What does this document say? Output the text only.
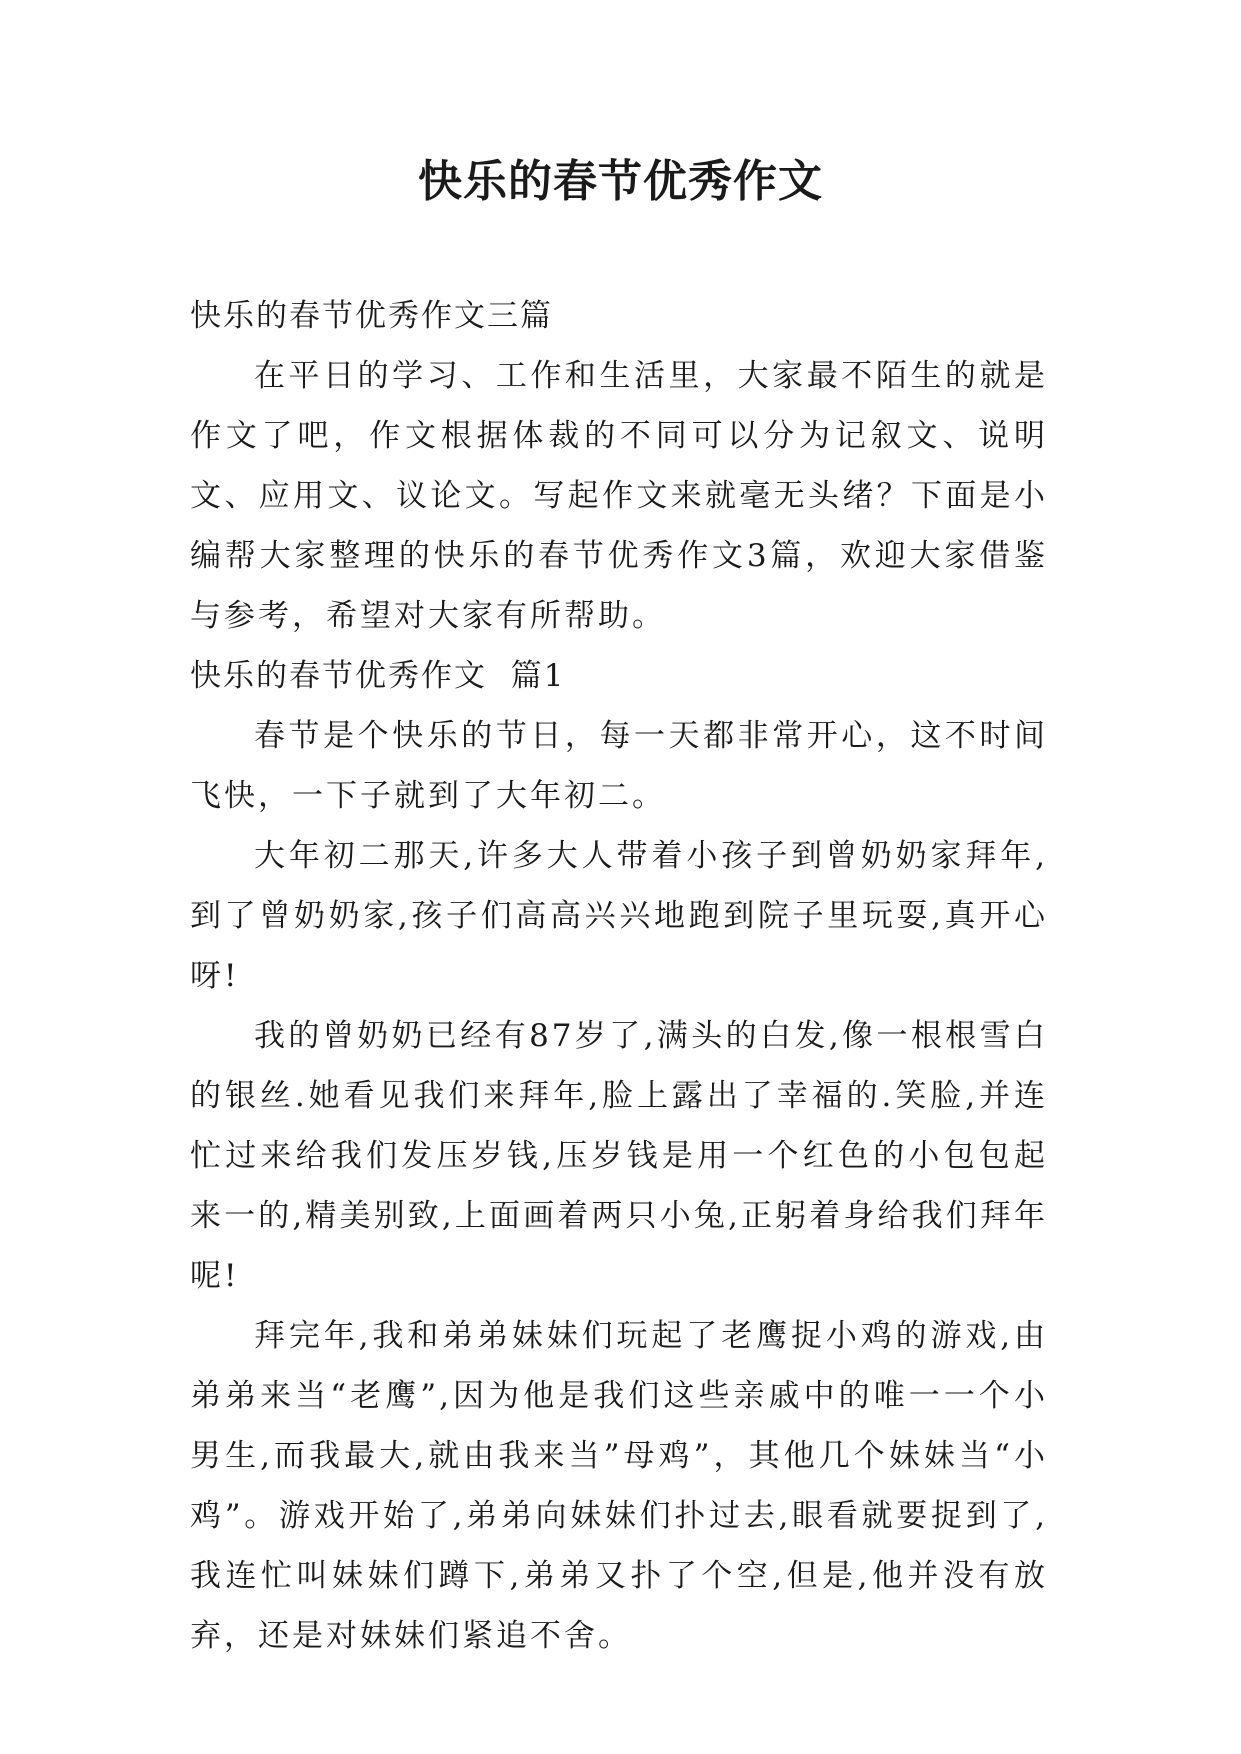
快乐的春节优秀作文

快乐的春节优秀作文三篇

在平日的学习、工作和生活里，大家最不陌生的就是作文了吧，作文根据体裁的不同可以分为记叙文、说明文、应用文、议论文。写起作文来就毫无头绪？下面是小编帮大家整理的快乐的春节优秀作文3篇，欢迎大家借鉴与参考，希望对大家有所帮助。

快乐的春节优秀作文  篇1

春节是个快乐的节日，每一天都非常开心，这不时间飞快，一下子就到了大年初二。

大年初二那天,许多大人带着小孩子到曾奶奶家拜年,到了曾奶奶家,孩子们高高兴兴地跑到院子里玩耍,真开心呀!

我的曾奶奶已经有87岁了,满头的白发,像一根根雪白的银丝.她看见我们来拜年,脸上露出了幸福的.笑脸,并连忙过来给我们发压岁钱,压岁钱是用一个红色的小包包起来一的,精美别致,上面画着两只小兔,正躬着身给我们拜年呢!

拜完年,我和弟弟妹妹们玩起了老鹰捉小鸡的游戏,由弟弟来当“老鹰”,因为他是我们这些亲戚中的唯一一个小男生,而我最大,就由我来当”母鸡”，其他几个妹妹当“小鸡”。游戏开始了,弟弟向妹妹们扑过去,眼看就要捉到了,我连忙叫妹妹们蹲下,弟弟又扑了个空,但是,他并没有放弃，还是对妹妹们紧追不舍。
